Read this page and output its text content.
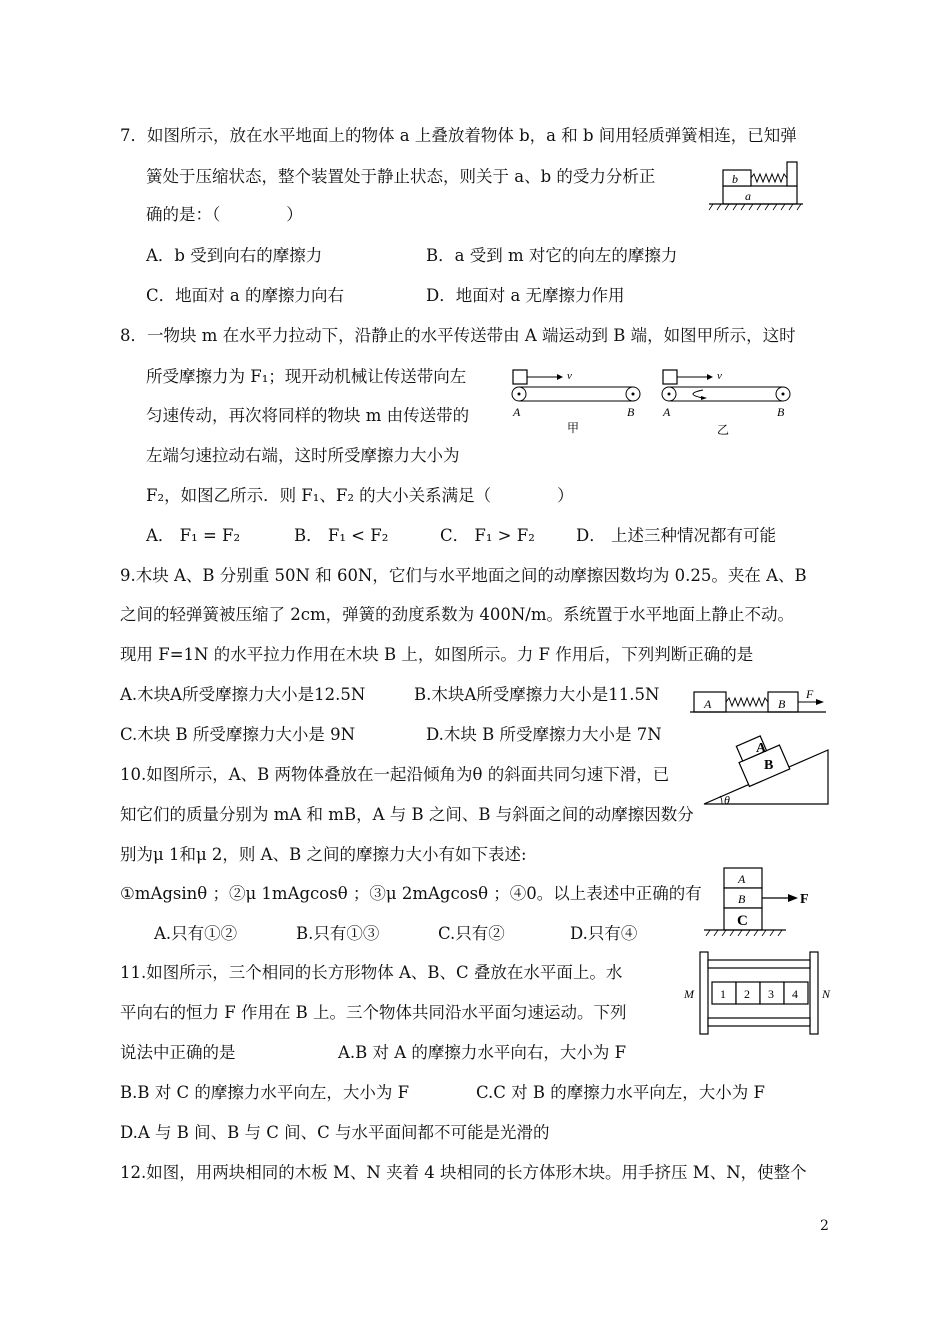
7．如图所示，放在水平地面上的物体 a 上叠放着物体 b，a 和 b 间用轻质弹簧相连，已知弹
簧处于压缩状态，整个装置处于静止状态，则关于 a、b 的受力分析正
确的是：（　　　　）
A．b 受到向右的摩擦力	B．a 受到 m 对它的向左的摩擦力
C．地面对 a 的摩擦力向右	D．地面对 a 无摩擦力作用
b
a
8．一物块 m 在水平力拉动下，沿静止的水平传送带由 A 端运动到 B 端，如图甲所示，这时
所受摩擦力为 F₁；现开动机械让传送带向左
匀速传动，再次将同样的物块 m 由传送带的
左端匀速拉动右端，这时所受摩擦力大小为
F₂，如图乙所示．则 F₁、F₂ 的大小关系满足（　　　　）
A． F₁ = F₂	B． F₁ < F₂	C． F₁ > F₂ D． 上述三种情况都有可能
v
A	B
甲
v
A	B
乙
9.木块 A、B 分别重 50N 和 60N，它们与水平地面之间的动摩擦因数均为 0.25。夹在 A、B
之间的轻弹簧被压缩了 2cm，弹簧的劲度系数为 400N/m。系统置于水平地面上静止不动。
现用 F=1N 的水平拉力作用在木块 B 上，如图所示。力 F 作用后，下列判断正确的是
A.木块A所受摩擦力大小是12.5N	B.木块A所受摩擦力大小是11.5N
C.木块 B 所受摩擦力大小是 9N	D.木块 B 所受摩擦力大小是 7N
A	B
F
10.如图所示，A、B 两物体叠放在一起沿倾角为θ 的斜面共同匀速下滑，已
知它们的质量分别为 mA 和 mB，A 与 B 之间、B 与斜面之间的动摩擦因数分
别为μ 1和μ 2，则 A、B 之间的摩擦力大小有如下表述:
①mAgsinθ ；②μ 1mAgcosθ ；③μ 2mAgcosθ ；④0。以上表述中正确的有
A.只有①②	B.只有①③	C.只有②	D.只有④
A
B
θ
A
B
C
F
11.如图所示，三个相同的长方形物体 A、B、C 叠放在水平面上。水
平向右的恒力 F 作用在 B 上。三个物体共同沿水平面匀速运动。下列
说法中正确的是	A.B 对 A 的摩擦力水平向右，大小为 F
B.B 对 C 的摩擦力水平向左，大小为 F	C.C 对 B 的摩擦力水平向左，大小为 F
D.A 与 B 间、B 与 C 间、C 与水平面间都不可能是光滑的
1 2 3 4
M	N
12.如图，用两块相同的木板 M、N 夹着 4 块相同的长方体形木块。用手挤压 M、N，使整个
2
